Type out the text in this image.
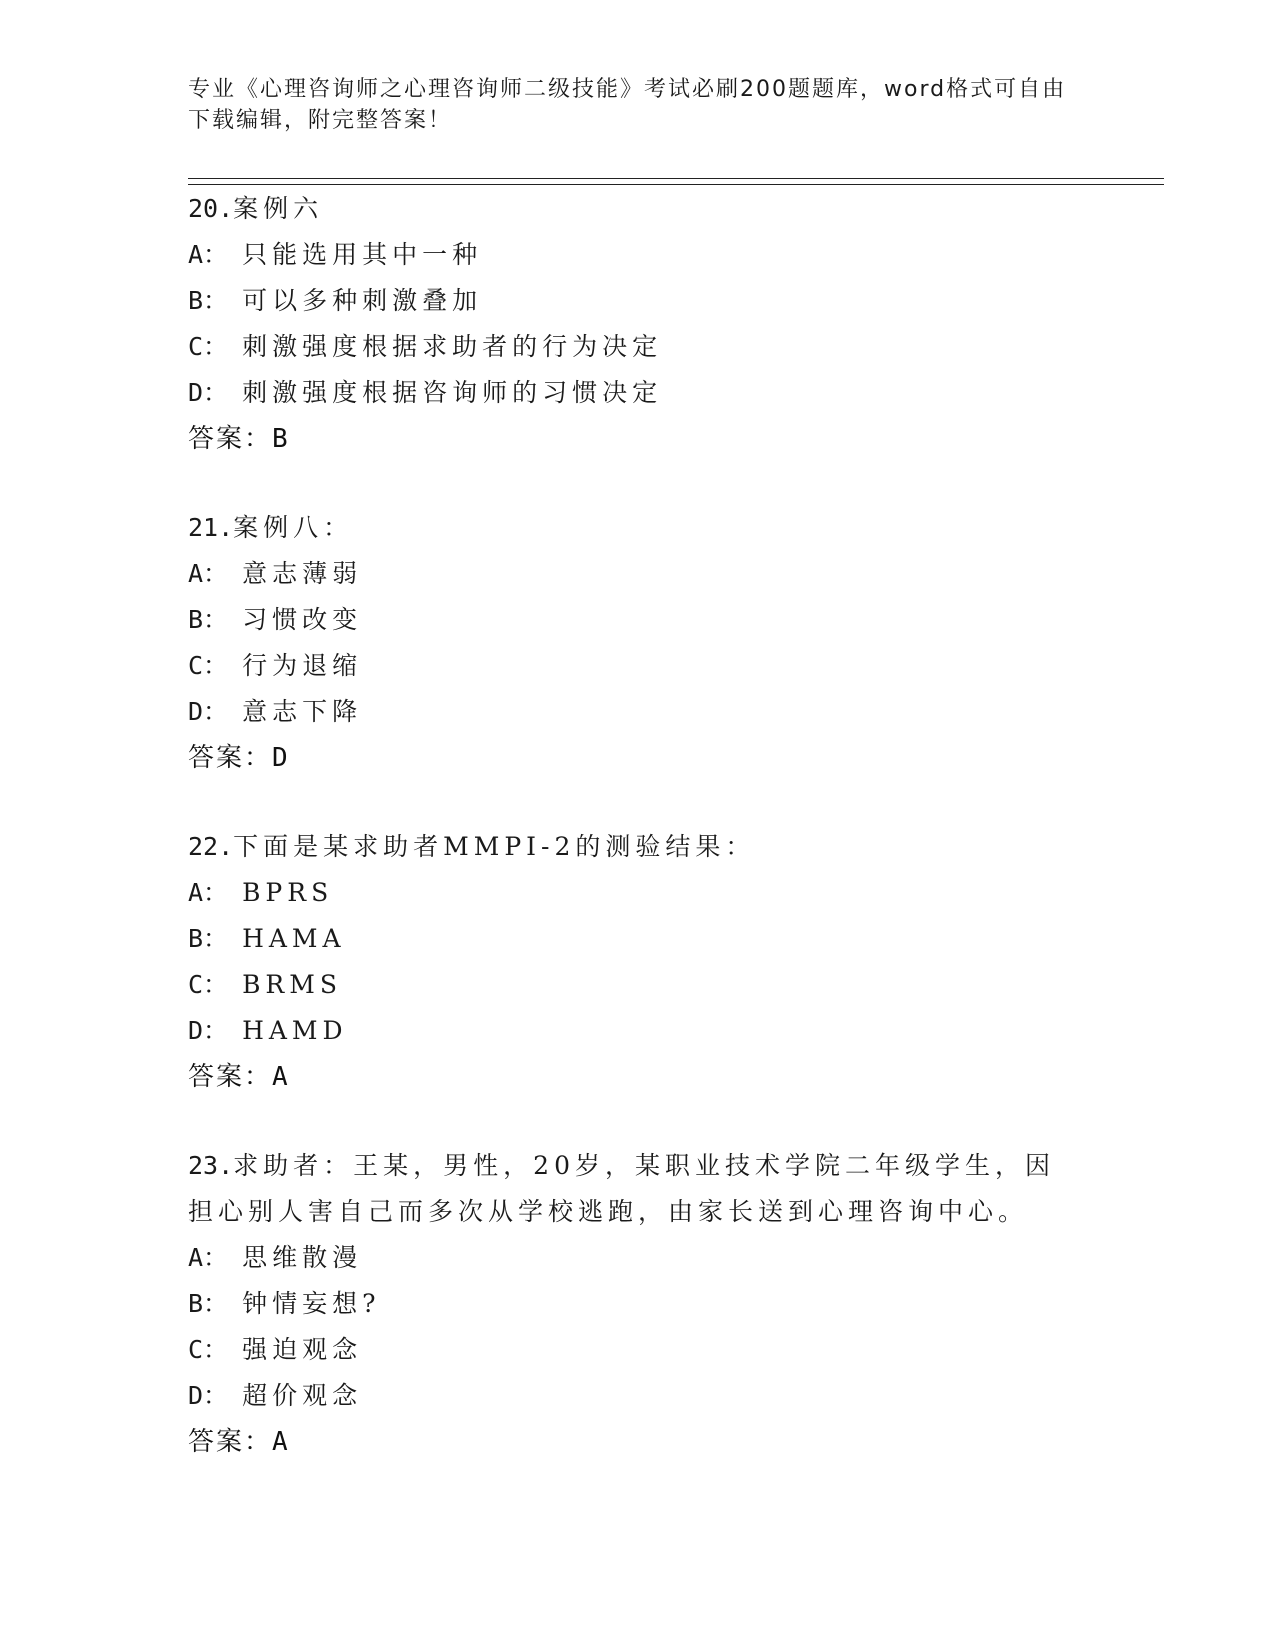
专业《心理咨询师之心理咨询师二级技能》考试必刷200题题库，word格式可自由下载编辑，附完整答案！
20.案例六
A： 只能选用其中一种
B： 可以多种刺激叠加
C： 刺激强度根据求助者的行为决定
D： 刺激强度根据咨询师的习惯决定
答案：B
21.案例八：
A： 意志薄弱
B： 习惯改变
C： 行为退缩
D： 意志下降
答案：D
22.下面是某求助者MMPI-2的测验结果：
A： BPRS
B： HAMA
C： BRMS
D： HAMD
答案：A
23.求助者：王某，男性，20岁，某职业技术学院二年级学生，因担心别人害自己而多次从学校逃跑，由家长送到心理咨询中心。
A： 思维散漫
B： 钟情妄想?
C： 强迫观念
D： 超价观念
答案：A
